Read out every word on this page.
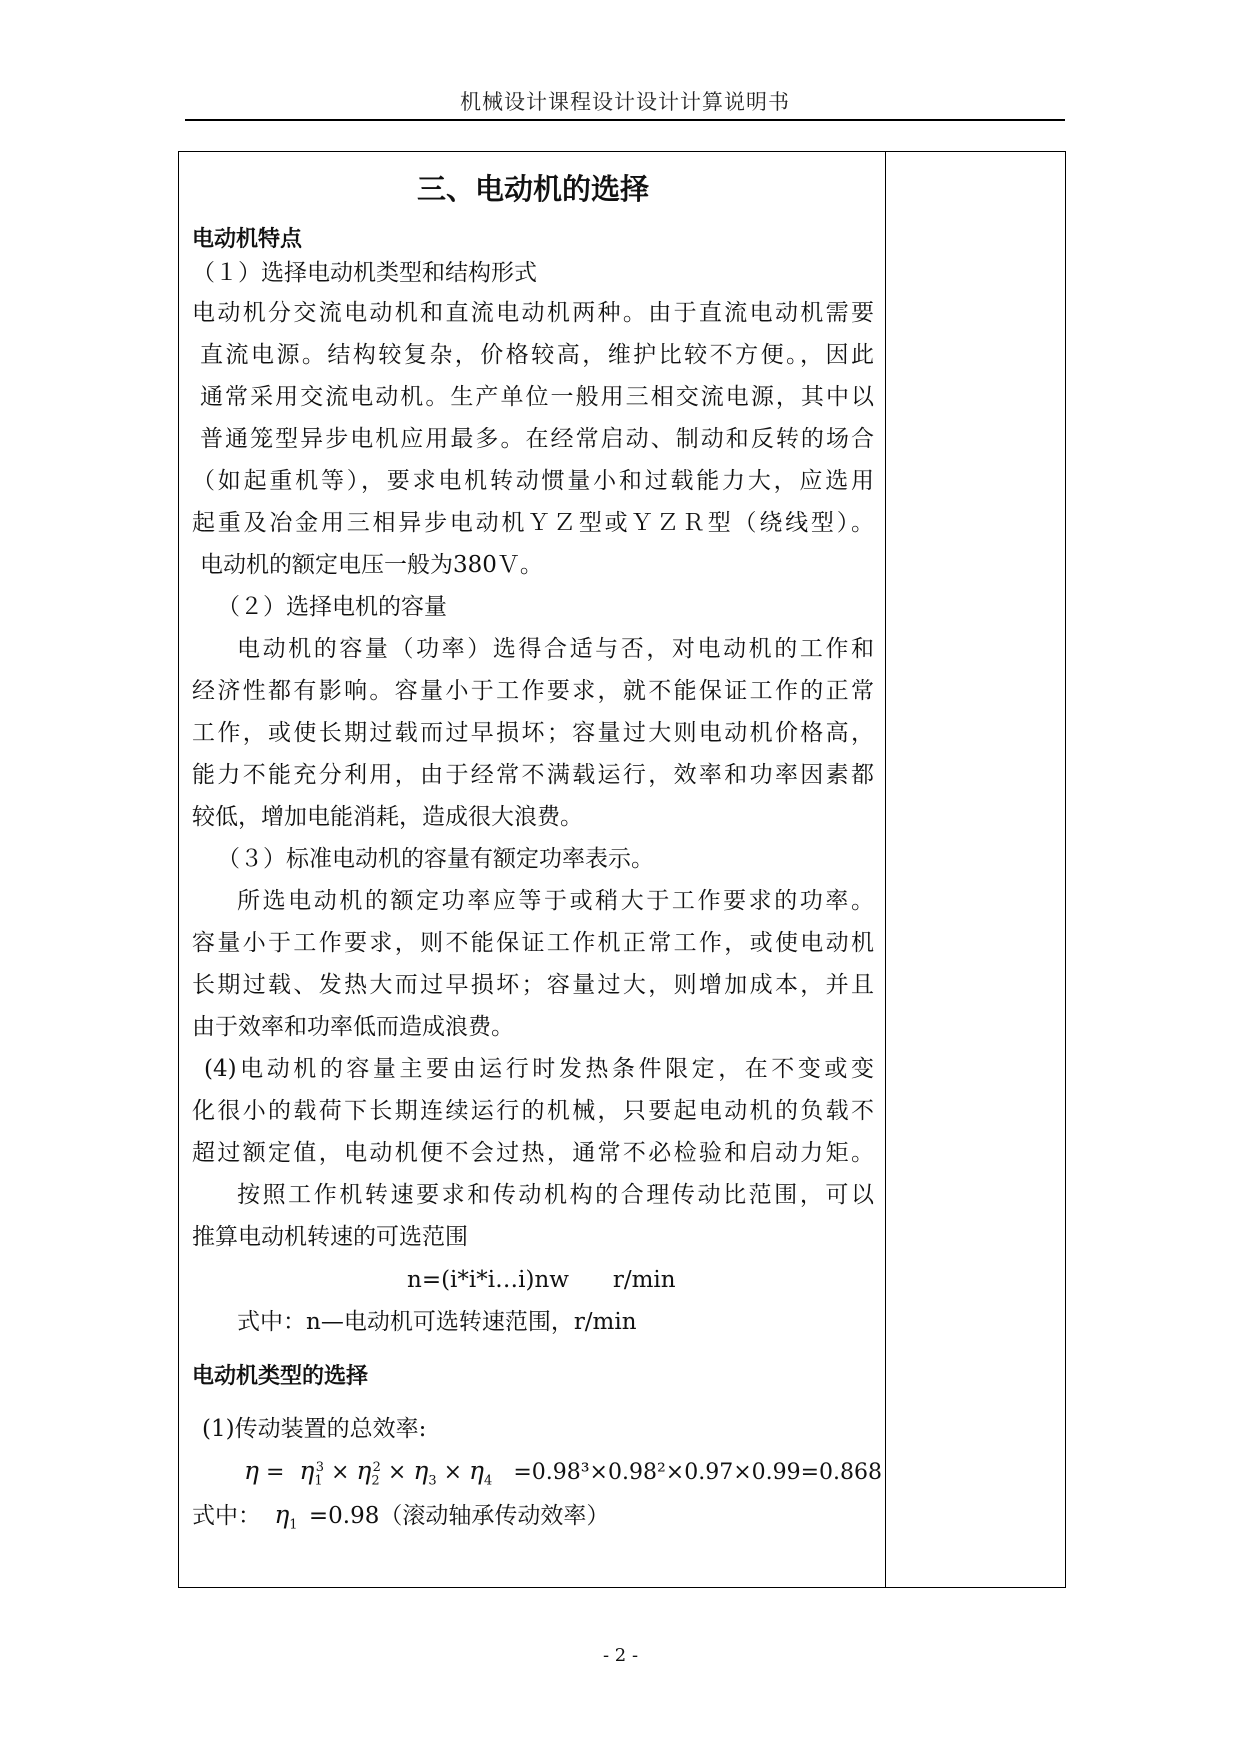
机械设计课程设计设计计算说明书
三、电动机的选择
电动机特点
（１）选择电动机类型和结构形式
电动机分交流电动机和直流电动机两种。由于直流电动机需要
直流电源。结构较复杂，价格较高，维护比较不方便。，因此
通常采用交流电动机。生产单位一般用三相交流电源，其中以
普通笼型异步电机应用最多。在经常启动、制动和反转的场合
（如起重机等），要求电机转动惯量小和过载能力大，应选用
起重及冶金用三相异步电动机ＹＺ型或ＹＺＲ型（绕线型）。
电动机的额定电压一般为380Ｖ。
（２）选择电机的容量
电动机的容量（功率）选得合适与否，对电动机的工作和
经济性都有影响。容量小于工作要求，就不能保证工作的正常
工作，或使长期过载而过早损坏；容量过大则电动机价格高，
能力不能充分利用，由于经常不满载运行，效率和功率因素都
较低，增加电能消耗，造成很大浪费。
（３）标准电动机的容量有额定功率表示。
所选电动机的额定功率应等于或稍大于工作要求的功率。
容量小于工作要求，则不能保证工作机正常工作，或使电动机
长期过载、发热大而过早损坏；容量过大，则增加成本，并且
由于效率和功率低而造成浪费。
(4)电动机的容量主要由运行时发热条件限定，在不变或变
化很小的载荷下长期连续运行的机械，只要起电动机的负载不
超过额定值，电动机便不会过热，通常不必检验和启动力矩。
按照工作机转速要求和传动机构的合理传动比范围，可以
推算电动机转速的可选范围
n=(i*i*i…i)nw      r/min
式中：n—电动机可选转速范围，r/min
电动机类型的选择
(1)传动装置的总效率:
$\eta = \eta_1^3 \times \eta_2^2 \times \eta_3 \times \eta_4 =0.98^3\times 0.98^2\times 0.97\times 0.99=0.868$
式中： $\eta_1 =0.98$（滚动轴承传动效率）
- 2 -
